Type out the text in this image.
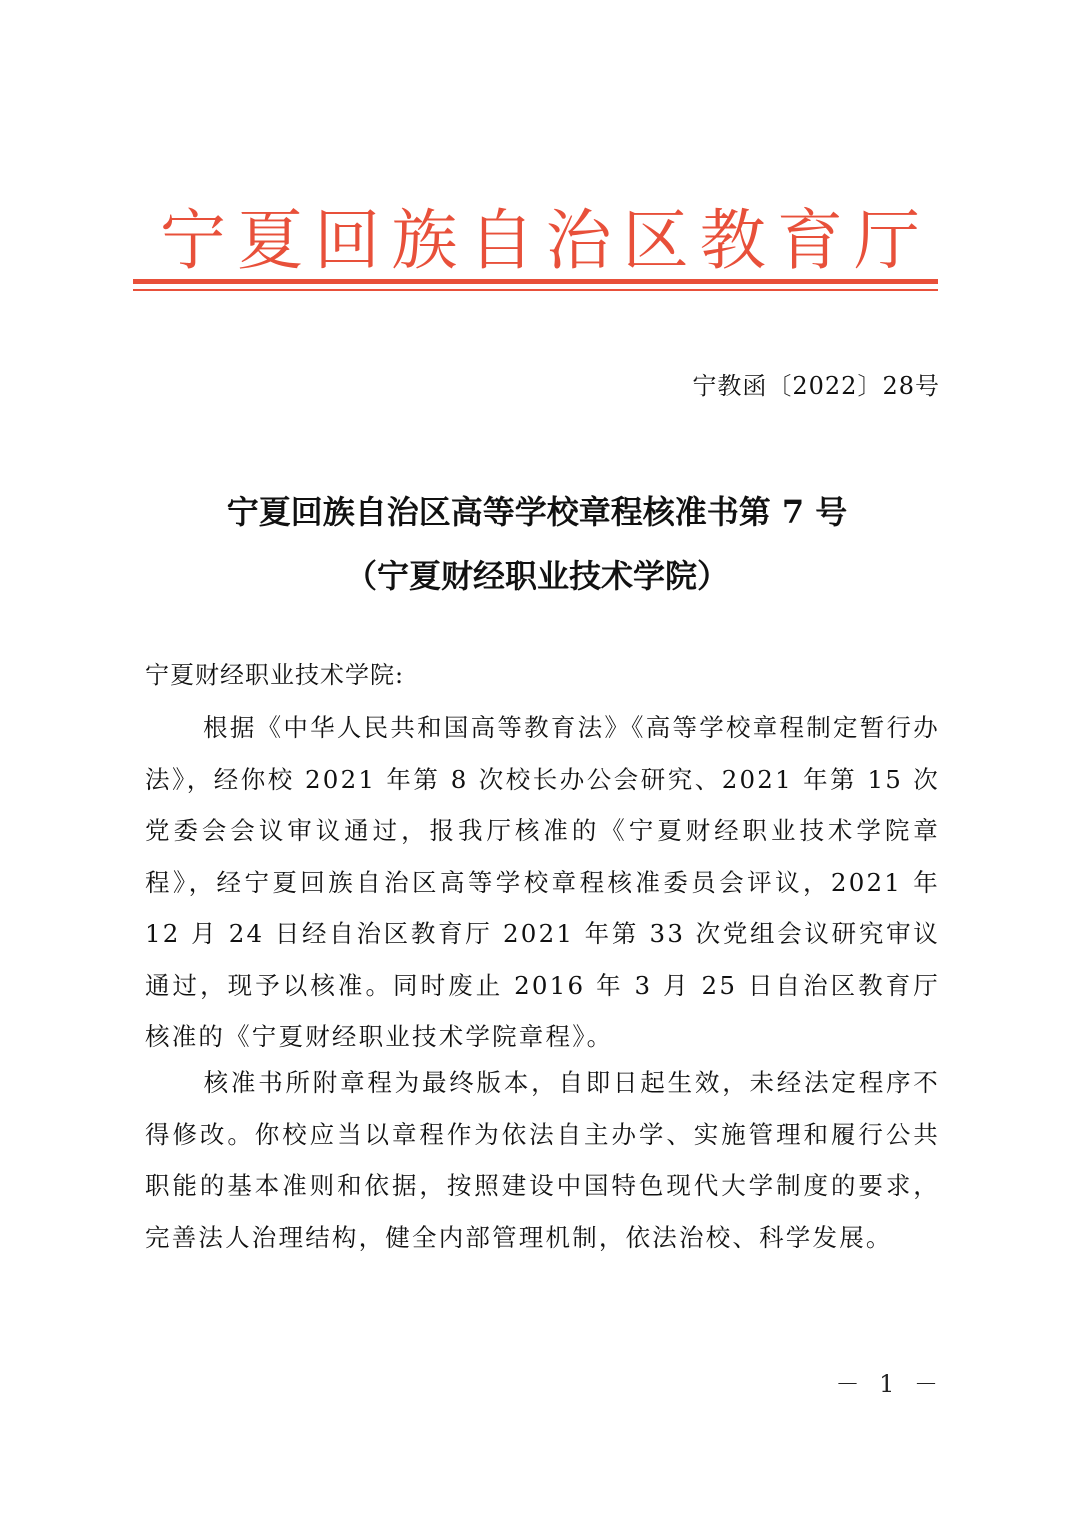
宁 夏 回 族 自 治 区 教 育 厅
宁教函〔2022〕28号
宁夏回族自治区高等学校章程核准书第 7 号
（宁夏财经职业技术学院）
宁夏财经职业技术学院:
根据《中华人民共和国高等教育法》《高等学校章程制定暂行办法》，经你校 2021 年第 8 次校长办公会研究、2021 年第 15 次党委会会议审议通过，报我厅核准的《宁夏财经职业技术学院章程》，经宁夏回族自治区高等学校章程核准委员会评议，2021 年 12 月 24 日经自治区教育厅 2021 年第 33 次党组会议研究审议通过，现予以核准。同时废止 2016 年 3 月 25 日自治区教育厅核准的《宁夏财经职业技术学院章程》。
核准书所附章程为最终版本，自即日起生效，未经法定程序不得修改。你校应当以章程作为依法自主办学、实施管理和履行公共职能的基本准则和依据，按照建设中国特色现代大学制度的要求，完善法人治理结构，健全内部管理机制，依法治校、科学发展。
－ 1 －
